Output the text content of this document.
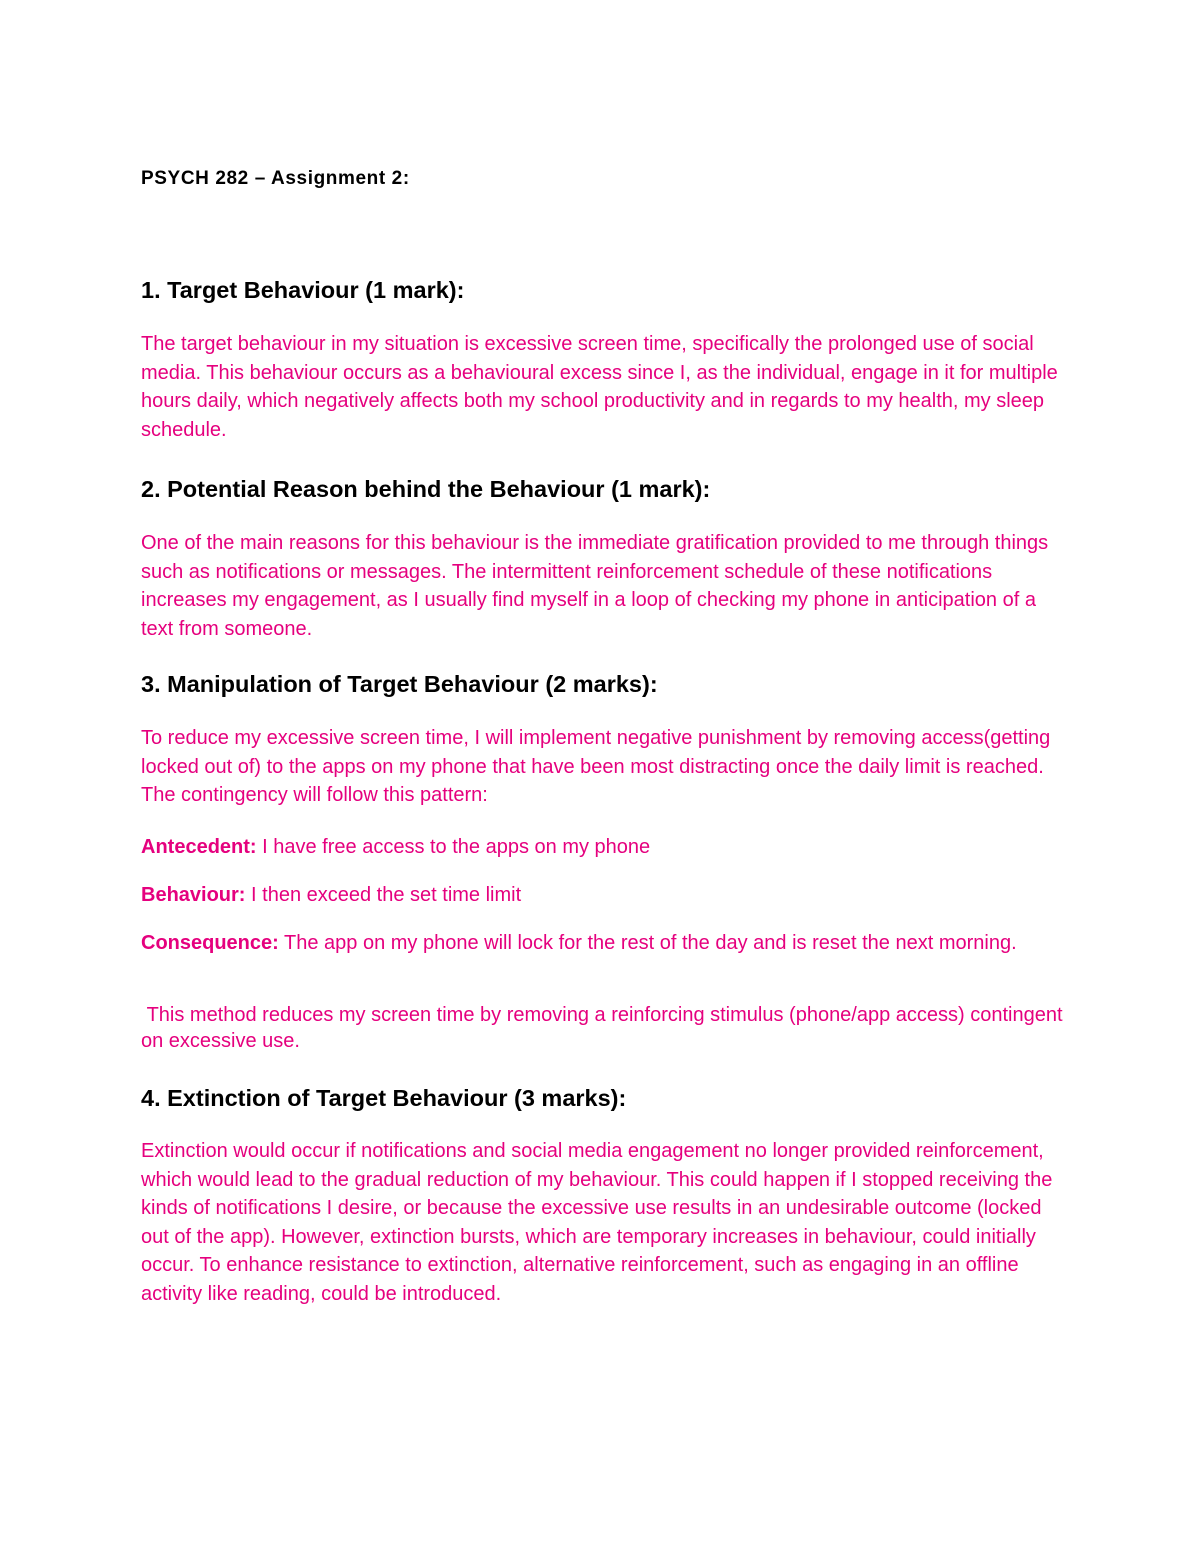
PSYCH 282 – Assignment 2:
1. Target Behaviour (1 mark):

The target behaviour in my situation is excessive screen time, specifically the prolonged use of social media. This behaviour occurs as a behavioural excess since I, as the individual, engage in it for multiple hours daily, which negatively affects both my school productivity and in regards to my health, my sleep schedule.

2. Potential Reason behind the Behaviour (1 mark):

One of the main reasons for this behaviour is the immediate gratification provided to me through things such as notifications or messages. The intermittent reinforcement schedule of these notifications increases my engagement, as I usually find myself in a loop of checking my phone in anticipation of a text from someone.

3. Manipulation of Target Behaviour (2 marks):

To reduce my excessive screen time, I will implement negative punishment by removing access(getting locked out of) to the apps on my phone that have been most distracting once the daily limit is reached. The contingency will follow this pattern:

Antecedent: I have free access to the apps on my phone

Behaviour: I then exceed the set time limit

Consequence: The app on my phone will lock for the rest of the day and is reset the next morning.

This method reduces my screen time by removing a reinforcing stimulus (phone/app access) contingent on excessive use.

4. Extinction of Target Behaviour (3 marks):

Extinction would occur if notifications and social media engagement no longer provided reinforcement, which would lead to the gradual reduction of my behaviour. This could happen if I stopped receiving the kinds of notifications I desire, or because the excessive use results in an undesirable outcome (locked out of the app). However, extinction bursts, which are temporary increases in behaviour, could initially occur. To enhance resistance to extinction, alternative reinforcement, such as engaging in an offline activity like reading, could be introduced.
